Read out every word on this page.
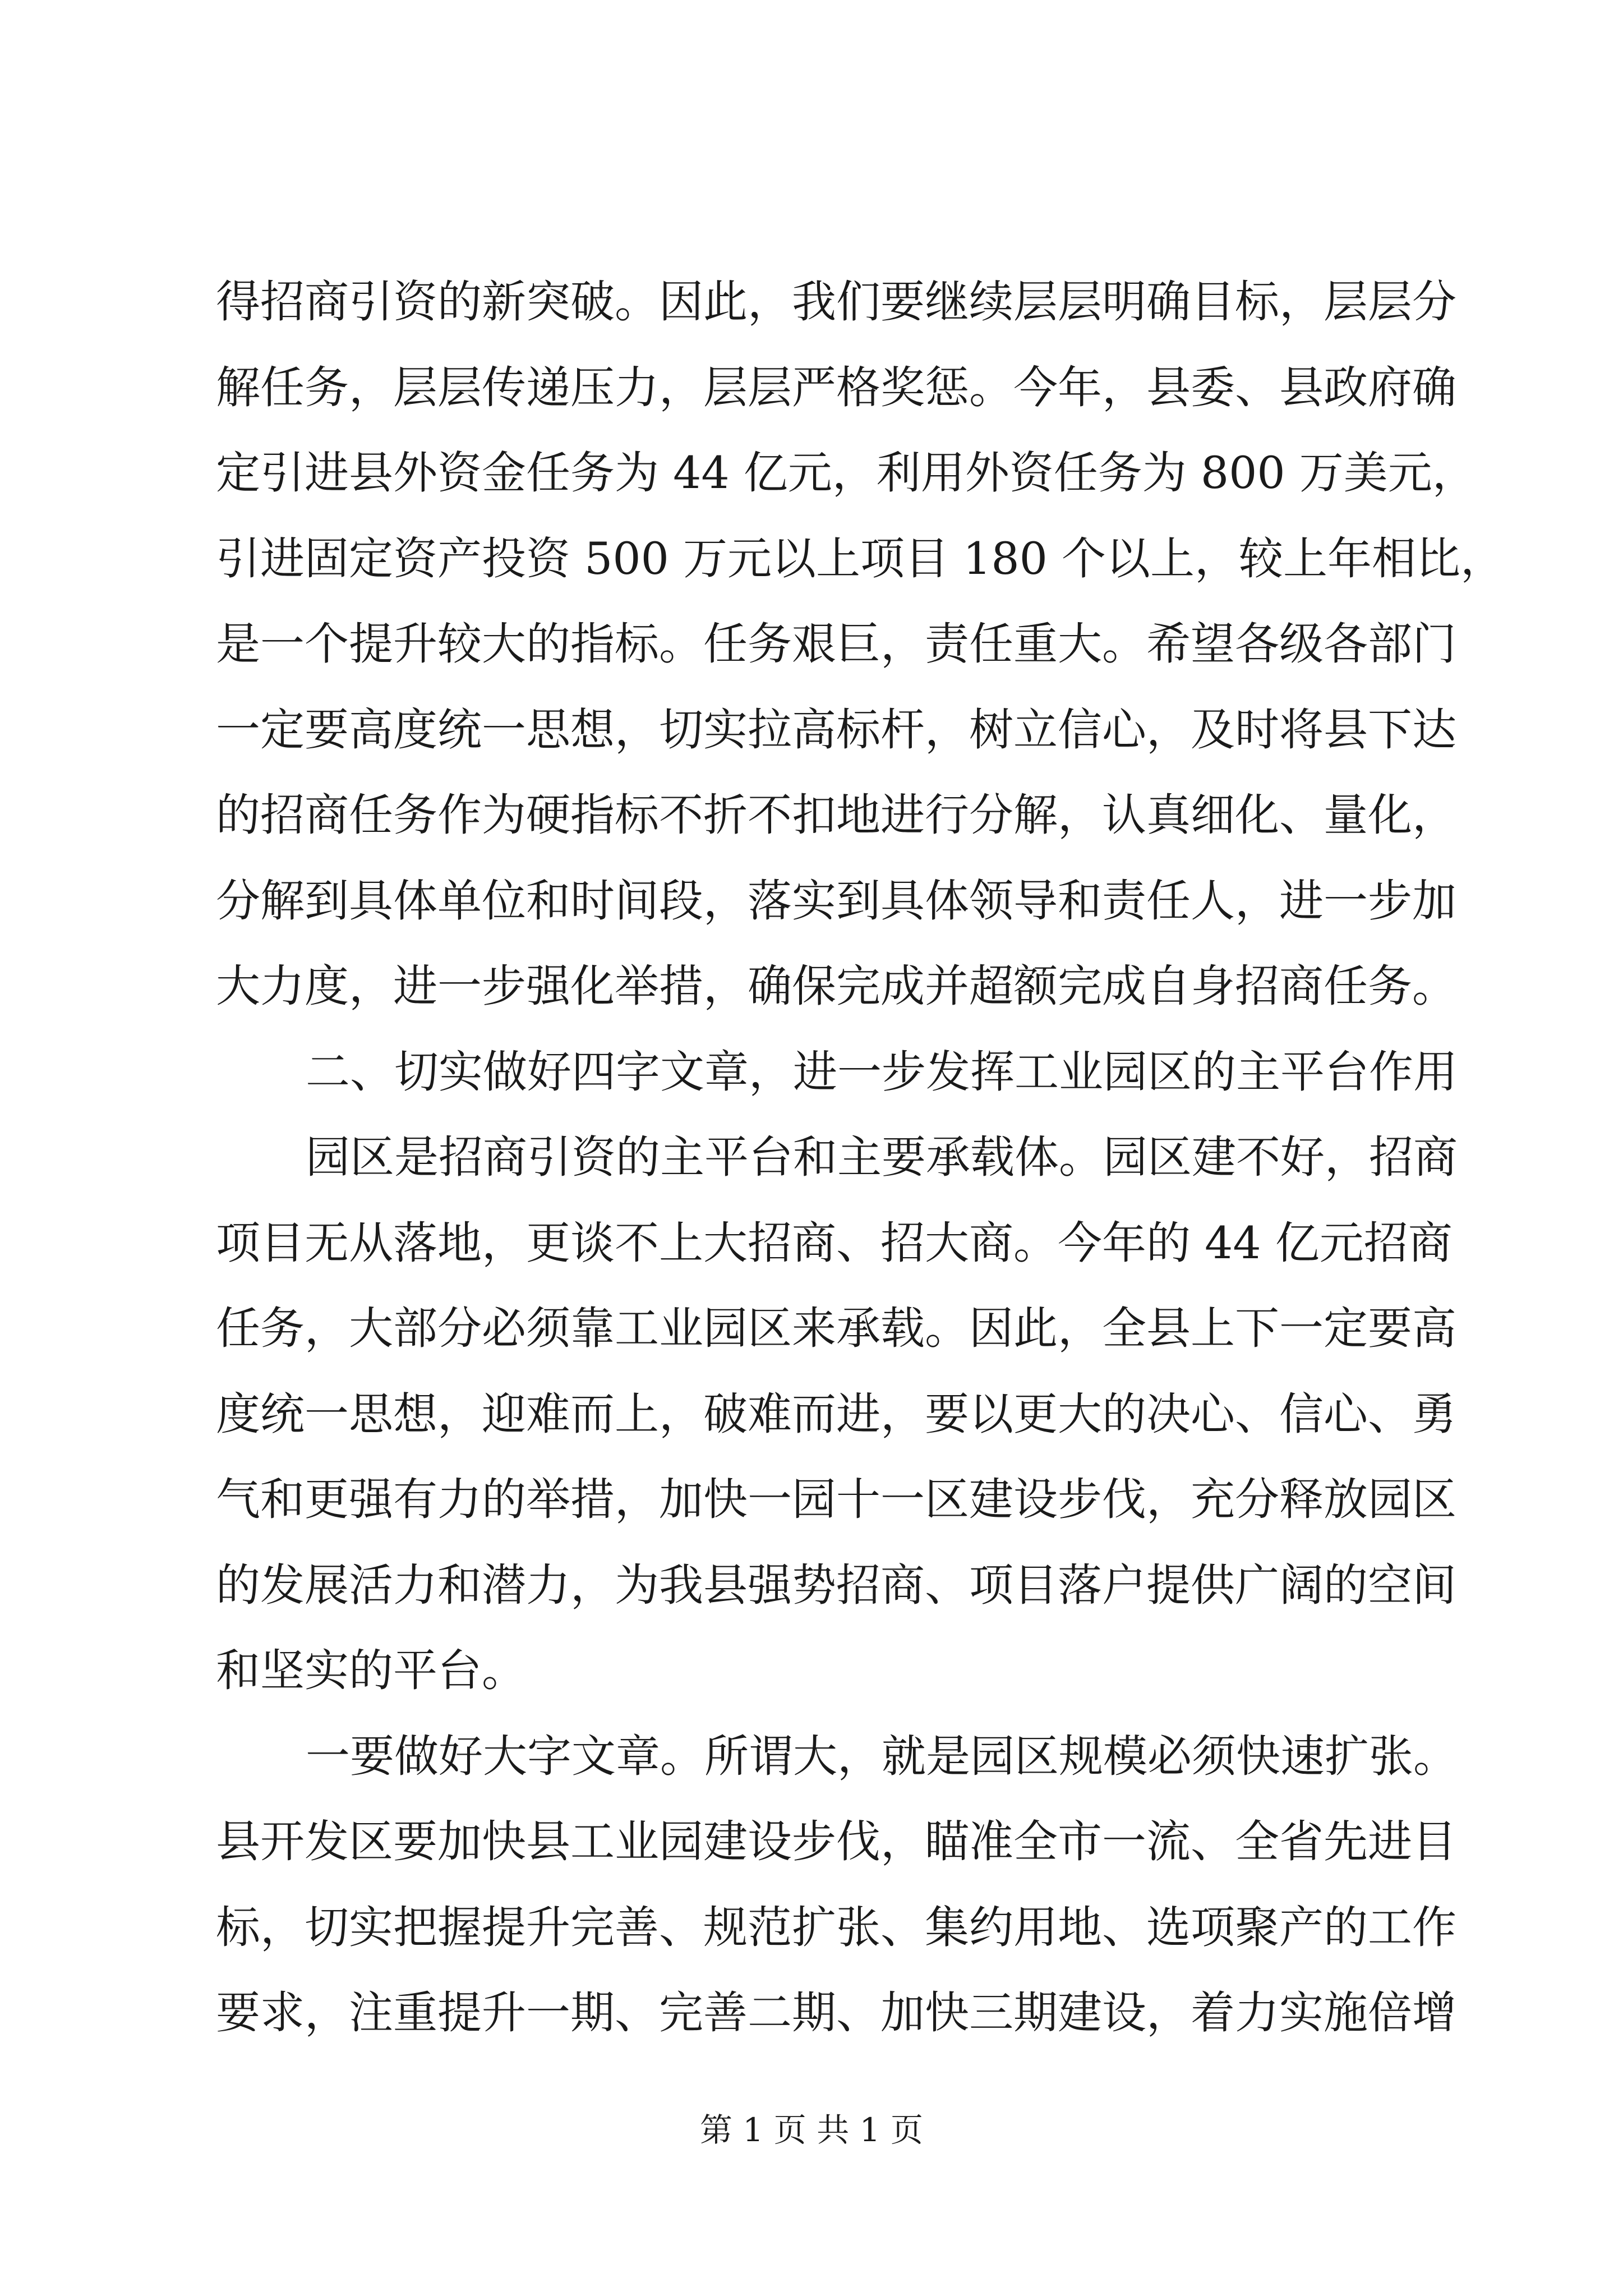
得招商引资的新突破。因此，我们要继续层层明确目标，层层分
解任务，层层传递压力，层层严格奖惩。今年，县委、县政府确
定引进县外资金任务为 44 亿元，利用外资任务为 800 万美元，
引进固定资产投资 500 万元以上项目 180 个以上，较上年相比，
是一个提升较大的指标。任务艰巨，责任重大。希望各级各部门
一定要高度统一思想，切实拉高标杆，树立信心，及时将县下达
的招商任务作为硬指标不折不扣地进行分解，认真细化、量化，
分解到具体单位和时间段，落实到具体领导和责任人，进一步加
大力度，进一步强化举措，确保完成并超额完成自身招商任务。
二、切实做好四字文章，进一步发挥工业园区的主平台作用
园区是招商引资的主平台和主要承载体。园区建不好，招商
项目无从落地，更谈不上大招商、招大商。今年的 44 亿元招商
任务，大部分必须靠工业园区来承载。因此，全县上下一定要高
度统一思想，迎难而上，破难而进，要以更大的决心、信心、勇
气和更强有力的举措，加快一园十一区建设步伐，充分释放园区
的发展活力和潜力，为我县强势招商、项目落户提供广阔的空间
和坚实的平台。
一要做好大字文章。所谓大，就是园区规模必须快速扩张。
县开发区要加快县工业园建设步伐，瞄准全市一流、全省先进目
标，切实把握提升完善、规范扩张、集约用地、选项聚产的工作
要求，注重提升一期、完善二期、加快三期建设，着力实施倍增
第 1 页 共 1 页
